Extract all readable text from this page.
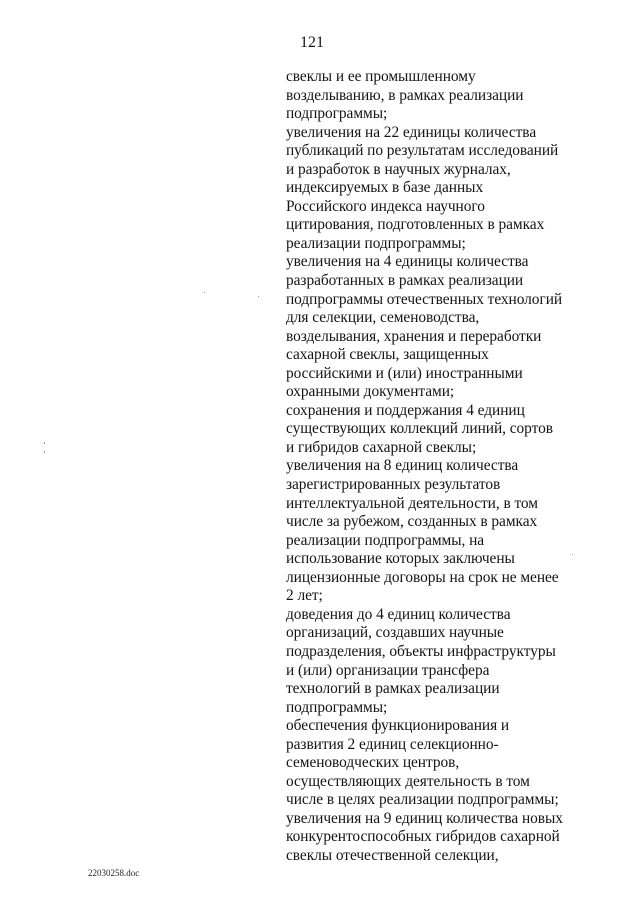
121
свеклы и ее промышленному
возделыванию, в рамках реализации
подпрограммы;
увеличения на 22 единицы количества
публикаций по результатам исследований
и разработок в научных журналах,
индексируемых в базе данных
Российского индекса научного
цитирования, подготовленных в рамках
реализации подпрограммы;
увеличения на 4 единицы количества
разработанных в рамках реализации
подпрограммы отечественных технологий
для селекции, семеноводства,
возделывания, хранения и переработки
сахарной свеклы, защищенных
российскими и (или) иностранными
охранными документами;
сохранения и поддержания 4 единиц
существующих коллекций линий, сортов
и гибридов сахарной свеклы;
увеличения на 8 единиц количества
зарегистрированных результатов
интеллектуальной деятельности, в том
числе за рубежом, созданных в рамках
реализации подпрограммы, на
использование которых заключены
лицензионные договоры на срок не менее
2 лет;
доведения до 4 единиц количества
организаций, создавших научные
подразделения, объекты инфраструктуры
и (или) организации трансфера
технологий в рамках реализации
подпрограммы;
обеспечения функционирования и
развития 2 единиц селекционно-
семеноводческих центров,
осуществляющих деятельность в том
числе в целях реализации подпрограммы;
увеличения на 9 единиц количества новых
конкурентоспособных гибридов сахарной
свеклы отечественной селекции,
22030258.doc
